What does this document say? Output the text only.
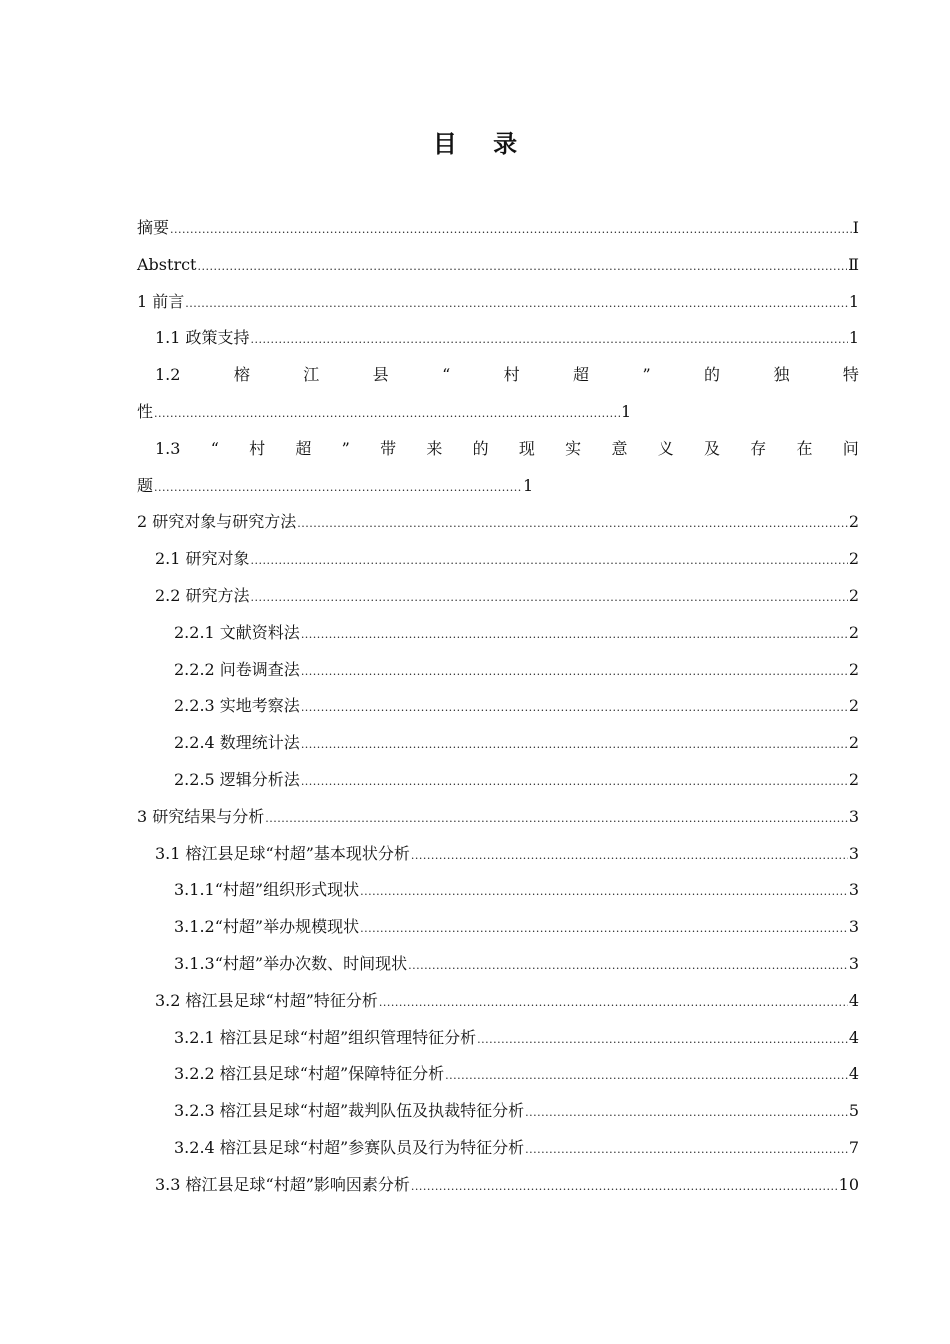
目 录
摘要 .....	Ⅰ
Abstrct .....	Ⅱ
1 前言 .....	1
1.1 政策支持 .....	1
1.2	榕	江	县	“	村	超	”	的	独	特
性 .....	1
1.3 “ 村 超 ” 带 来 的 现 实 意 义 及 存 在 问
题 .....	1
2 研究对象与研究方法 .....	2
2.1 研究对象 .....	2
2.2 研究方法 .....	2
2.2.1 文献资料法 .....	2
2.2.2 问卷调查法 .....	2
2.2.3 实地考察法 .....	2
2.2.4 数理统计法 .....	2
2.2.5 逻辑分析法 .....	2
3 研究结果与分析 .....	3
3.1 榕江县足球“村超”基本现状分析 .....	3
3.1.1“村超”组织形式现状 .....	3
3.1.2“村超”举办规模现状 .....	3
3.1.3“村超”举办次数、时间现状 .....	3
3.2 榕江县足球“村超”特征分析 .....	4
3.2.1 榕江县足球“村超”组织管理特征分析 .....	4
3.2.2 榕江县足球“村超”保障特征分析 .....	4
3.2.3 榕江县足球“村超”裁判队伍及执裁特征分析 .....	5
3.2.4 榕江县足球“村超”参赛队员及行为特征分析 .....	7
3.3 榕江县足球“村超”影响因素分析 .....	10
